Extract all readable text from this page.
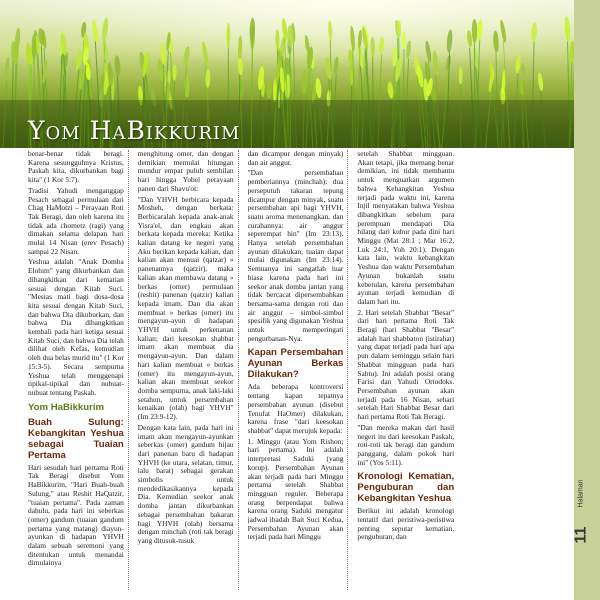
Yom HaBikkurim

benar-benar tidak beragi. Karena sesungguhnya Kristus, Paskah kita, dikurbankan bagi kita" (1 Kor 5:7).

Tradisi Yahudi menganggap Pesach sebagai permulaan dari Chag HaMotzi – Perayaan Roti Tak Beragi, dan oleh karena itu tidak ada chometz (ragi) yang dimakan selama delapan hari mulai 14 Nisan (erev Pesach) sampai 22 Nisan.

Yeshua adalah "Anak Domba Elohim" yang dikurbankan dan dibangkitkan dari kematian sesuai dengan Kitab Suci. "Mesias mati bagi dosa-dosa kita sesuai dengan Kitab Suci, dan bahwa Dia dikuburkan, dan bahwa Dia dibangkitkan kembali pada hari ketiga sesuai Kitab Suci, dan bahwa Dia telah dilihat oleh Kefas, kemudian oleh dua belas murid itu" (1 Kor 15:3-5). Secara sempurna Yeshua telah menggenapi tipikal-tipikal dan nubuat-nubuat tentang Paskah.

Yom HaBikkurim
Buah Sulung: Kebangkitan Yeshua sebagai Tuaian Pertama

Hari sesudah hari pertama Roti Tak Beragi disebut Yom HaBikkurim, "Hari Buah-buah Sulung," atau Reshit HaQatzir, "tuaian pertama". Pada zaman dahulu, pada hari ini seberkas (omer) gandum (tuaian gandum pertama yang matang) diayun-ayunkan di hadapan YHVH dalam sebuah seremoni yang ditentukan untuk menandai dimulainya

menghitung omer, dan dengan demikian memulai hitungan mundur empat puluh sembilan hari hingga Yobel perayaan panen dari Shavu'ot:

"Dan YHVH berbicara kepada Mosheh, dengan berkata: Berbicaralah kepada anak-anak Yisra'el, dan engkau akan berkata kepada mereka: Ketika kalian datang ke negeri yang Aku berikan kepada kalian, dan kalian akan menuai (qatzar) » panenannya (qatzir), maka kalian akan membawa datang » berkas (omer) permulaan (reshit) panenan (qatzir) kalian kepada imam. Dan dia akan membuat » berkas (omer) itu mengayun-ayun di hadapan YHVH untuk perkenanan kalian; dari keesokan shabbat imam akan membuat dia mengayun-ayun. Dan dalam hari kalian membuat » berkas (omer) itu mengayun-ayun, kalian akan membuat seekor domba sempurna, anak laki-laki setahun, untuk persembahan kenaikan (olah) bagi YHVH" (Im 23:9-12).

Dengan kata lain, pada hari ini imam akan mengayun-ayunkan seberkas (omer) gandum hijau dari panenan baru di hadapan YHVH (ke utara, selatan, timur, lalu barat) sebagai gerakan simbolis untuk mendedikasikannya kepada Dia. Kemudian seekor anak domba jantan dikurbankan sebagai persembahan bakaran bagi YHVH (olah) bersama dengan minchah (roti tak beragi yang ditusuk-tusuk

dan dicampur dengan minyak) dan air anggur.

"Dan persembahan pemberiannya (minchah): dua perseputuh takaran tepung dicampur dengan minyak, suatu persembahan api bagi YHVH, suatu aroma menenangkan, dan curahannya: air anggur seperempat hin" (Im 23:13). Hanya setelah persembahan ayunan dilakukan, tuaian dapat mulai digunakan (Im 23:14). Semuanya ini sangatlah luar biasa karena pada hari ini seekor anak domba jantan yang tidak bercacat dipersembahkan bersama-sama dengan roti dan air anggur – simbol-simbol spesifik yang digunakan Yeshua untuk memperingati pengurbanan-Nya.

Kapan Persembahan Ayunan Berkas Dilakukan?

Ada beberapa kontroversi tentang kapan tepatnya persembahan ayunan (disebut Tenufat HaOmer) dilakukan, karena frase "dari keesokan shabbat" dapat merujuk kepada:

1. Minggu (atau Yom Rishon; hari pertama). Ini adalah interpretasi Saduki (yang korup). Persembahan Ayunan akan terjadi pada hari Minggu pertama setelah Shabbat mingguan reguler. Beberapa orang berpendapat bahwa karena orang Saduki mengatur jadwal ibadah Bait Suci Kedua, Persembahan Ayunan akan terjadi pada hari Minggu

setelah Shabbat mingguan. Akan tetapi, jika memang benar demikian, ini tidak membantu untuk menguatkan argumen bahwa Kebangkitan Yeshua terjadi pada waktu ini, karena Injil menyatakan bahwa Yeshua dibangkitkan sebelum para perempuan mendapati Dia hilang dari kubur pada dini hari Minggu (Mat 28:1 ; Mar 16:2, Luk 24:1, Yoh 20:1). Dengan kata lain, waktu kebangkitan Yeshua dan waktu Persembahan Ayunan bukanlah suatu kebetulan, karena persembahan ayunan terjadi kemudian di dalam hari itu.

2. Hari setelah Shabbat "Besar" dari hari pertama Roti Tak Beragi (hari Shabbat "Besar" adalah hari shabbaton (istirahat) yang dapat terjadi pada hari apa pun dalam seminggu selain hari Shabbat mingguan pada hari Sabtu). Ini adalah posisi orang Farisi dan Yahudi Ortodoks. Persembahan ayunan akan terjadi pada 16 Nisan, sehari setelah Hari Shabbat Besar dari hari pertama Roti Tak Beragi.

"Dan mereka makan dari hasil negeri itu dari keesokan Paskah, roti-roti tak beragi dan gandum panggang, dalam pokok hari ini" (Yos 5:11).

Kronologi Kematian, Penguburan dan Kebangkitan Yeshua

Berikut ini adalah kronologi tentatif dari peristiwa-peristiwa penting seputar kematian, penguburan, dan

Halaman
11
